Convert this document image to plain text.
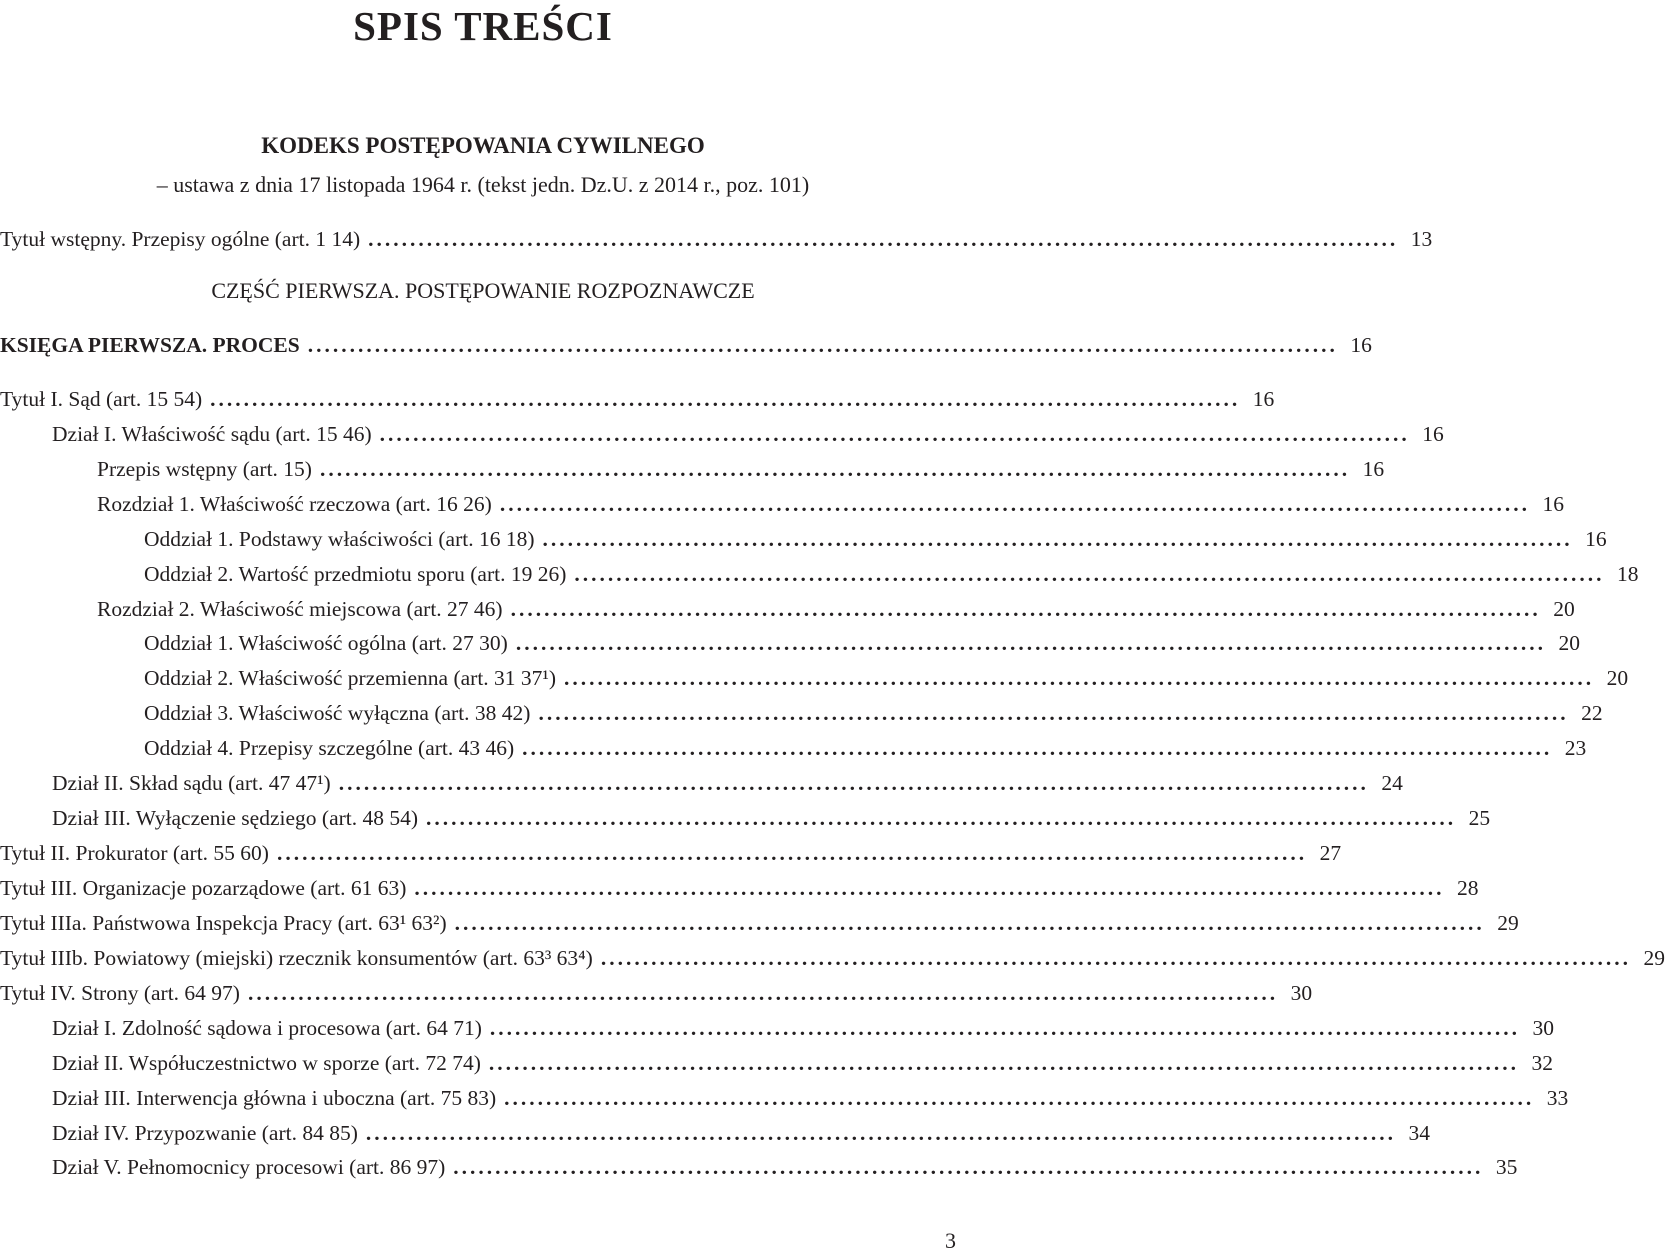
SPIS TREŚCI
KODEKS POSTĘPOWANIA CYWILNEGO
– ustawa z dnia 17 listopada 1964 r. (tekst jedn. Dz.U. z 2014 r., poz. 101)
Tytuł wstępny. Przepisy ogólne (art. 1 14) ........................................................................................................................... 13
CZĘŚĆ PIERWSZA. POSTĘPOWANIE ROZPOZNAWCZE
KSIĘGA PIERWSZA. PROCES ........................................................................................................................... 16
Tytuł I. Sąd (art. 15 54) ........................................................................................................................... 16
Dział I. Właściwość sądu (art. 15 46) ........................................................................................................................... 16
Przepis wstępny (art. 15) ........................................................................................................................... 16
Rozdział 1. Właściwość rzeczowa (art. 16 26) ........................................................................................................................... 16
Oddział 1. Podstawy właściwości (art. 16 18) ........................................................................................................................... 16
Oddział 2. Wartość przedmiotu sporu (art. 19 26) ........................................................................................................................... 18
Rozdział 2. Właściwość miejscowa (art. 27 46) ........................................................................................................................... 20
Oddział 1. Właściwość ogólna (art. 27 30) ........................................................................................................................... 20
Oddział 2. Właściwość przemienna (art. 31 37¹) ........................................................................................................................... 20
Oddział 3. Właściwość wyłączna (art. 38 42) ........................................................................................................................... 22
Oddział 4. Przepisy szczególne (art. 43 46) ........................................................................................................................... 23
Dział II. Skład sądu (art. 47 47¹) ........................................................................................................................... 24
Dział III. Wyłączenie sędziego (art. 48 54) ........................................................................................................................... 25
Tytuł II. Prokurator (art. 55 60) ........................................................................................................................... 27
Tytuł III. Organizacje pozarządowe (art. 61 63) ........................................................................................................................... 28
Tytuł IIIa. Państwowa Inspekcja Pracy (art. 63¹ 63²) ........................................................................................................................... 29
Tytuł IIIb. Powiatowy (miejski) rzecznik konsumentów (art. 63³ 63⁴) ........................................................................................................................... 29
Tytuł IV. Strony (art. 64 97) ........................................................................................................................... 30
Dział I. Zdolność sądowa i procesowa (art. 64 71) ........................................................................................................................... 30
Dział II. Współuczestnictwo w sporze (art. 72 74) ........................................................................................................................... 32
Dział III. Interwencja główna i uboczna (art. 75 83) ........................................................................................................................... 33
Dział IV. Przypozwanie (art. 84 85) ........................................................................................................................... 34
Dział V. Pełnomocnicy procesowi (art. 86 97) ........................................................................................................................... 35
3
